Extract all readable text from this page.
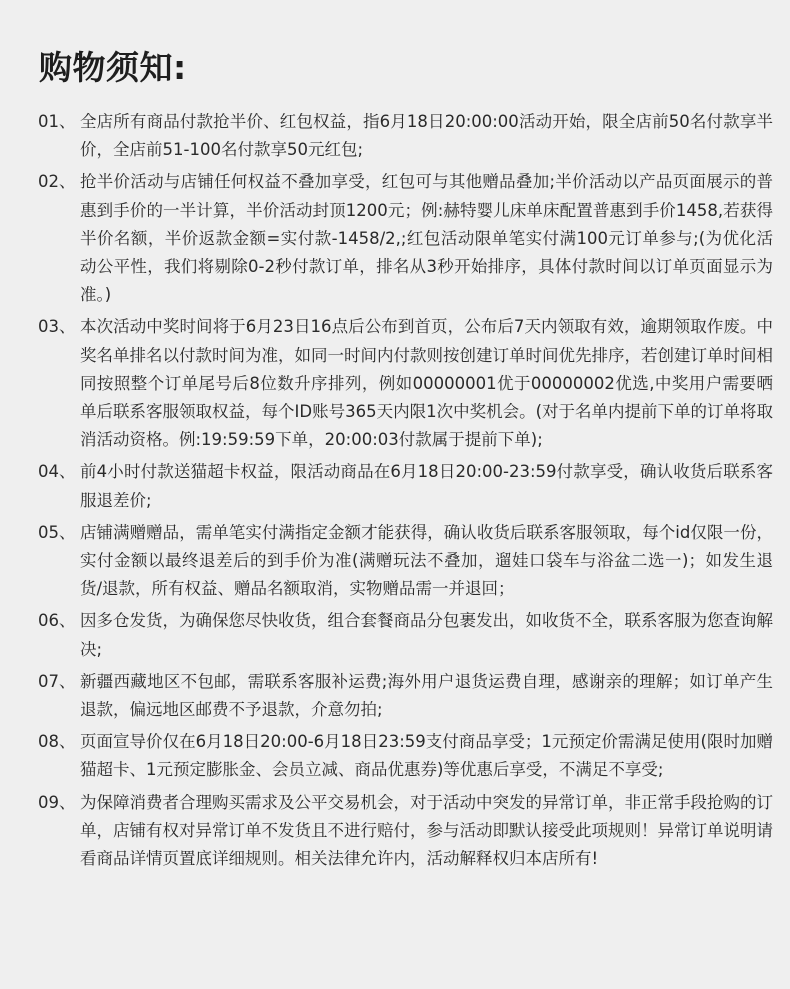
购物须知:
01、 全店所有商品付款抢半价、红包权益，指6月18日20:00:00活动开始，限全店前50名付款享半价，全店前51-100名付款享50元红包;
02、 抢半价活动与店铺任何权益不叠加享受，红包可与其他赠品叠加;半价活动以产品页面展示的普惠到手价的一半计算，半价活动封顶1200元；例:赫特婴儿床单床配置普惠到手价1458,若获得半价名额，半价返款金额=实付款-1458/2,;红包活动限单笔实付满100元订单参与;(为优化活动公平性，我们将剔除0-2秒付款订单，排名从3秒开始排序，具体付款时间以订单页面显示为准。)
03、 本次活动中奖时间将于6月23日16点后公布到首页，公布后7天内领取有效，逾期领取作废。中奖名单排名以付款时间为准，如同一时间内付款则按创建订单时间优先排序，若创建订单时间相同按照整个订单尾号后8位数升序排列，例如00000001优于00000002优选,中奖用户需要晒单后联系客服领取权益，每个ID账号365天内限1次中奖机会。(对于名单内提前下单的订单将取消活动资格。例:19:59:59下单，20:00:03付款属于提前下单);
04、 前4小时付款送猫超卡权益，限活动商品在6月18日20:00-23:59付款享受，确认收货后联系客服退差价;
05、 店铺满赠赠品，需单笔实付满指定金额才能获得，确认收货后联系客服领取，每个id仅限一份，实付金额以最终退差后的到手价为准(满赠玩法不叠加，遛娃口袋车与浴盆二选一)；如发生退货/退款，所有权益、赠品名额取消，实物赠品需一并退回；
06、 因多仓发货，为确保您尽快收货，组合套餐商品分包裹发出，如收货不全，联系客服为您查询解决;
07、 新疆西藏地区不包邮，需联系客服补运费;海外用户退货运费自理，感谢亲的理解；如订单产生退款，偏远地区邮费不予退款，介意勿拍;
08、 页面宣导价仅在6月18日20:00-6月18日23:59支付商品享受；1元预定价需满足使用(限时加赠猫超卡、1元预定膨胀金、会员立减、商品优惠券)等优惠后享受，不满足不享受;
09、 为保障消费者合理购买需求及公平交易机会，对于活动中突发的异常订单，非正常手段抢购的订单，店铺有权对异常订单不发货且不进行赔付，参与活动即默认接受此项规则！异常订单说明请看商品详情页置底详细规则。相关法律允许内，活动解释权归本店所有!
